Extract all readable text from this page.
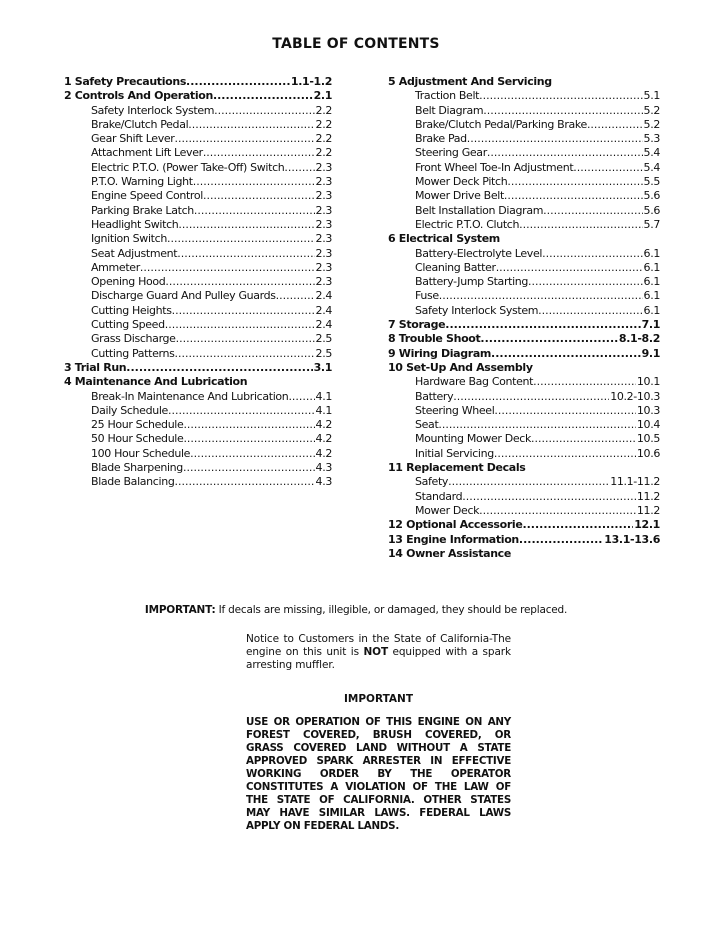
TABLE OF CONTENTS
1 Safety Precautions .....	1.1-1.2
2 Controls And Operation .....	2.1
Safety Interlock System .....	2.2
Brake/Clutch Pedal .....	2.2
Gear Shift Lever .....	2.2
Attachment Lift Lever .....	2.2
Electric P.T.O. (Power Take-Off) Switch .....	2.3
P.T.O. Warning Light .....	2.3
Engine Speed Control .....	2.3
Parking Brake Latch .....	2.3
Headlight Switch .....	2.3
Ignition Switch .....	2.3
Seat Adjustment .....	2.3
Ammeter .....	2.3
Opening Hood .....	2.3
Discharge Guard And Pulley Guards .....	2.4
Cutting Heights .....	2.4
Cutting Speed .....	2.4
Grass Discharge .....	2.5
Cutting Patterns .....	2.5
3 Trial Run .....	3.1
4 Maintenance And Lubrication
Break-In Maintenance And Lubrication ..... 4.1
Daily Schedule .....	4.1
25 Hour Schedule .....	4.2
50 Hour Schedule .....	4.2
100 Hour Schedule .....	4.2
Blade Sharpening .....	4.3
Blade Balancing .....	4.3
5 Adjustment And Servicing
Traction Belt .....	5.1
Belt Diagram .....	5.2
Brake/Clutch Pedal/Parking Brake .....	5.2
Brake Pad .....	5.3
Steering Gear .....	5.4
Front Wheel Toe-In Adjustment .....	5.4
Mower Deck Pitch .....	5.5
Mower Drive Belt .....	5.6
Belt Installation Diagram .....	5.6
Electric P.T.O. Clutch .....	5.7
6 Electrical System
Battery-Electrolyte Level .....	6.1
Cleaning Batter .....	6.1
Battery-Jump Starting .....	6.1
Fuse .....	6.1
Safety Interlock System .....	6.1
7 Storage .....	7.1
8 Trouble Shoot .....	8.1-8.2
9 Wiring Diagram .....	9.1
10 Set-Up And Assembly
Hardware Bag Content .....	10.1
Battery .....	10.2-10.3
Steering Wheel .....	10.3
Seat .....	10.4
Mounting Mower Deck .....	10.5
Initial Servicing .....	10.6
11 Replacement Decals
Safety .....	11.1-11.2
Standard .....	11.2
Mower Deck .....	11.2
12 Optional Accessorie .....	12.1
13 Engine Information .....	13.1-13.6
14 Owner Assistance
IMPORTANT: If decals are missing, illegible, or damaged, they should be replaced.
Notice to Customers in the State of California-The engine on this unit is NOT equipped with a spark arresting muffler.
IMPORTANT
USE OR OPERATION OF THIS ENGINE ON ANY FOREST COVERED, BRUSH COVERED, OR GRASS COVERED LAND WITHOUT A STATE APPROVED SPARK ARRESTER IN EFFECTIVE WORKING ORDER BY THE OPERATOR CONSTITUTES A VIOLATION OF THE LAW OF THE STATE OF CALIFORNIA. OTHER STATES MAY HAVE SIMILAR LAWS. FEDERAL LAWS APPLY ON FEDERAL LANDS.
